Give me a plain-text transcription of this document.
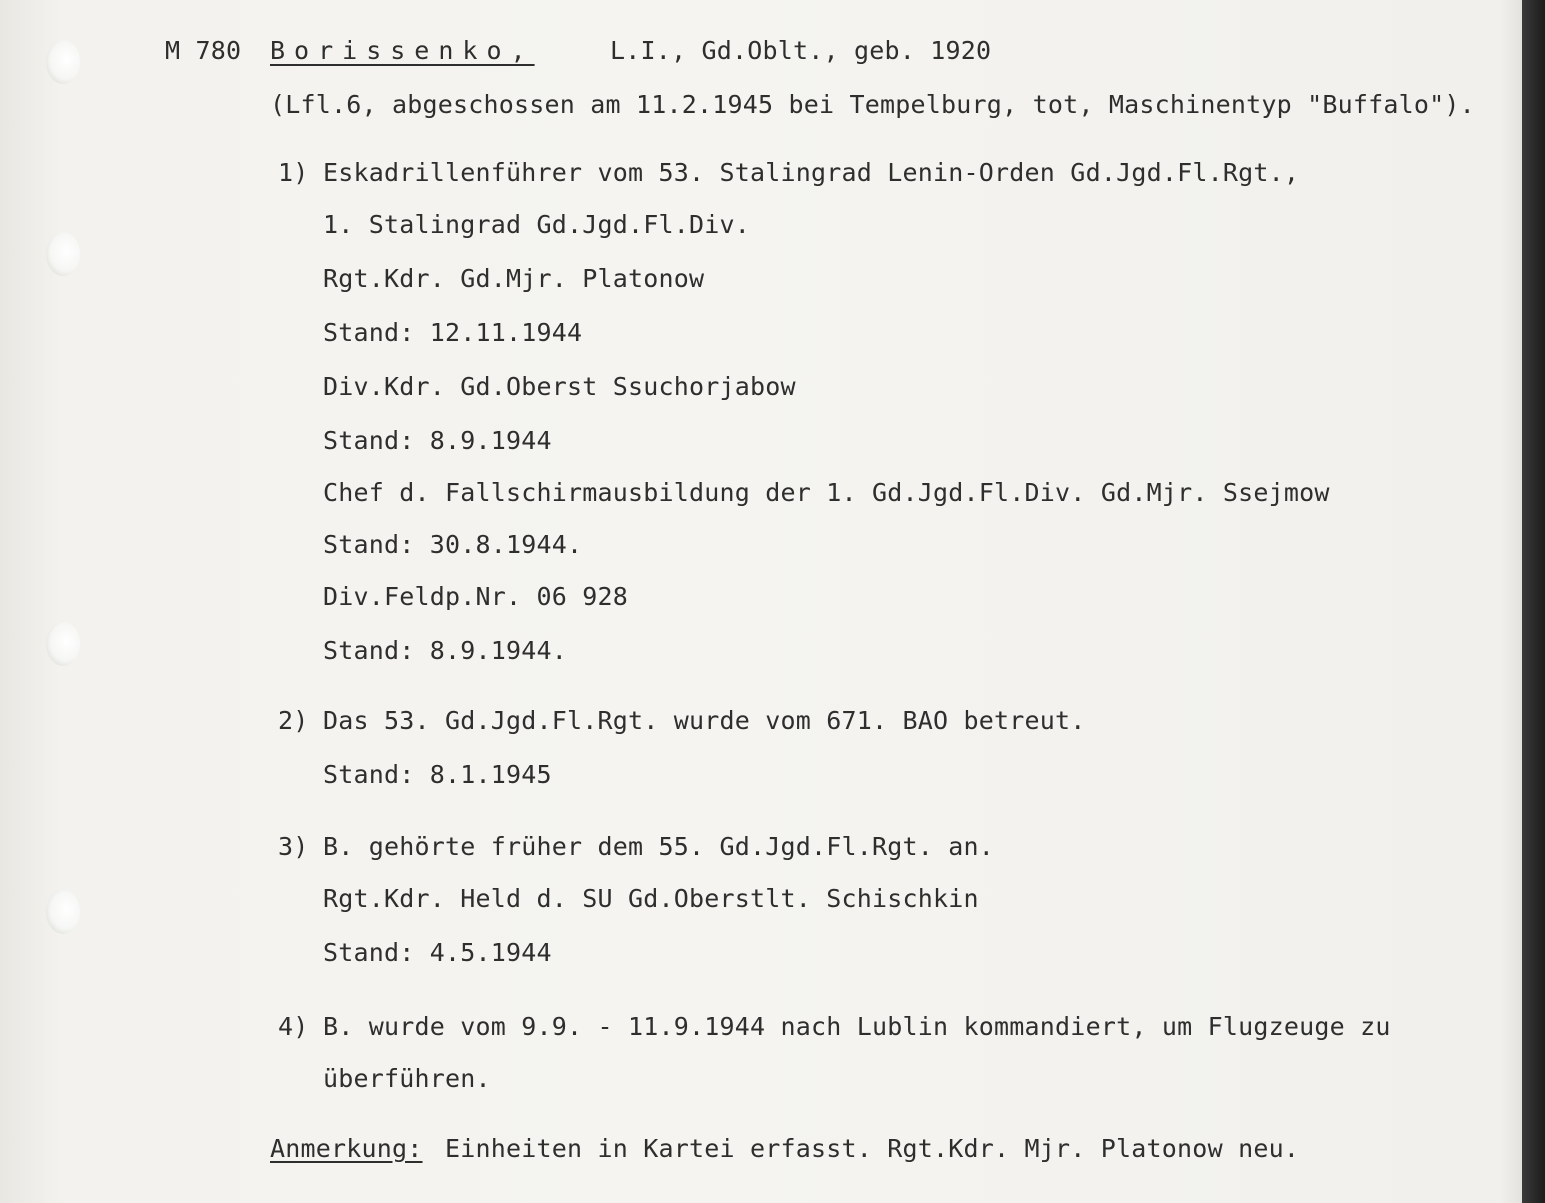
M 780 Borissenko,	L.I., Gd.Oblt., geb. 1920
(Lfl.6, abgeschossen am 11.2.1945 bei Tempelburg, tot, Maschinentyp "Buffalo").
1) Eskadrillenführer vom 53. Stalingrad Lenin-Orden Gd.Jgd.Fl.Rgt.,
1. Stalingrad Gd.Jgd.Fl.Div.
Rgt.Kdr. Gd.Mjr. Platonow
Stand: 12.11.1944
Div.Kdr. Gd.Oberst Ssuchorjabow
Stand: 8.9.1944
Chef d. Fallschirmausbildung der 1. Gd.Jgd.Fl.Div. Gd.Mjr. Ssejmow
Stand: 30.8.1944.
Div.Feldp.Nr. 06 928
Stand: 8.9.1944.
2) Das 53. Gd.Jgd.Fl.Rgt. wurde vom 671. BAO betreut.
Stand: 8.1.1945
3) B. gehörte früher dem 55. Gd.Jgd.Fl.Rgt. an.
Rgt.Kdr. Held d. SU Gd.Oberstlt. Schischkin
Stand: 4.5.1944
4) B. wurde vom 9.9. - 11.9.1944 nach Lublin kommandiert, um Flugzeuge zu
überführen.
Anmerkung: Einheiten in Kartei erfasst. Rgt.Kdr. Mjr. Platonow neu.
